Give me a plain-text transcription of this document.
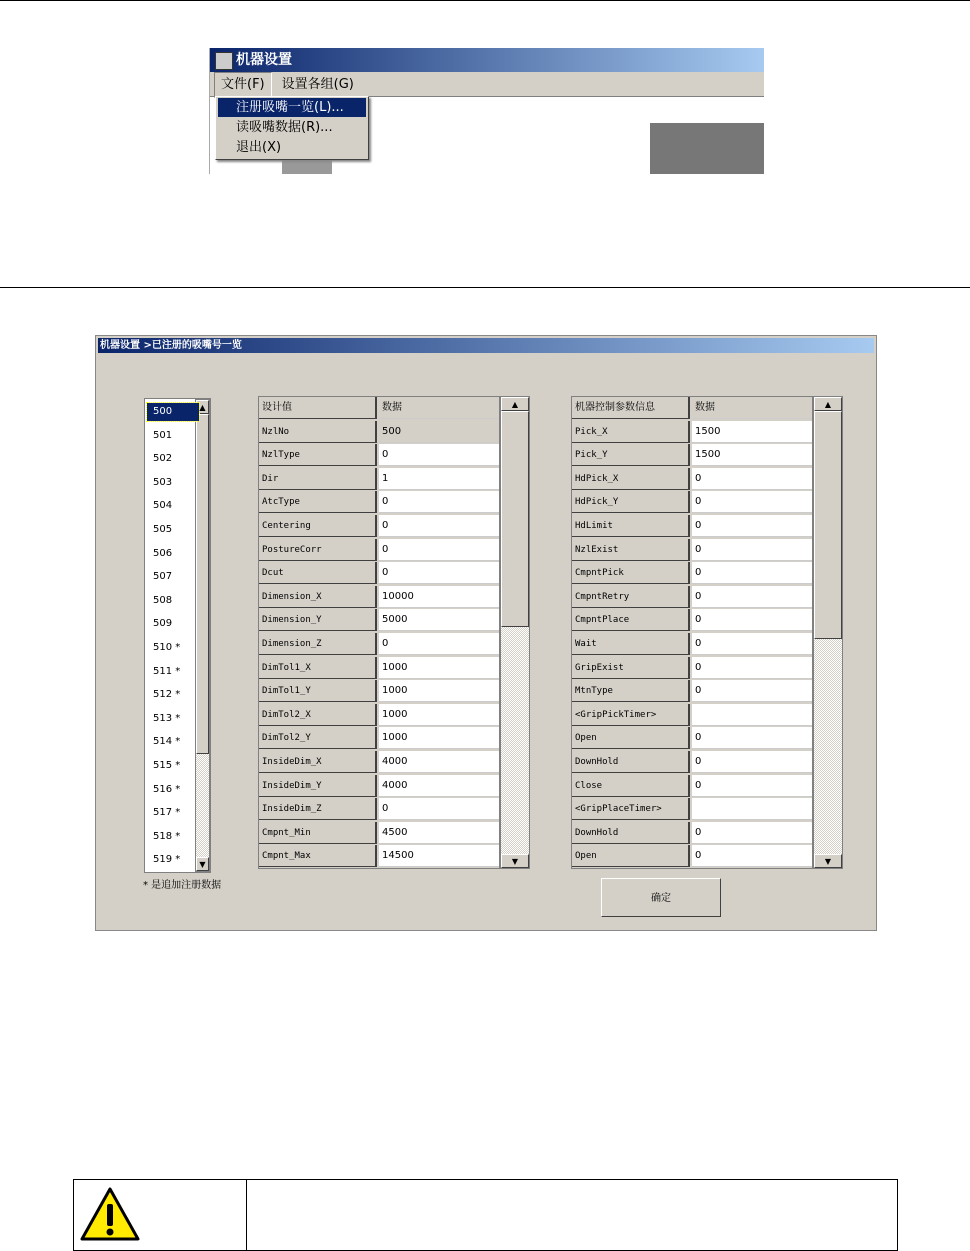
机器设置
文件(F) 设置各组(G)
注册吸嘴一览(L)...
读吸嘴数据(R)...
退出(X)
机器设置 >已注册的吸嘴号一览
▲
▼
500
501
502
503
504
505
506
507
508
509
510 *
511 *
512 *
513 *
514 *
515 *
516 *
517 *
518 *
519 *
* 是追加注册数据
设计值	数据
NzlNo	500
NzlType	0
Dir	1
AtcType	0
Centering	0
PostureCorr	0
Dcut	0
Dimension_X	10000
Dimension_Y	5000
Dimension_Z	0
DimTol1_X	1000
DimTol1_Y	1000
DimTol2_X	1000
DimTol2_Y	1000
InsideDim_X	4000
InsideDim_Y	4000
InsideDim_Z	0
Cmpnt_Min	4500
Cmpnt_Max	14500
▲
▼
机器控制参数信息	数据
Pick_X	1500
Pick_Y	1500
HdPick_X	0
HdPick_Y	0
HdLimit	0
NzlExist	0
CmpntPick	0
CmpntRetry	0
CmpntPlace	0
Wait	0
GripExist	0
MtnType	0
<GripPickTimer>
Open	0
DownHold	0
Close	0
<GripPlaceTimer>
DownHold	0
Open	0
▲
▼
确定
